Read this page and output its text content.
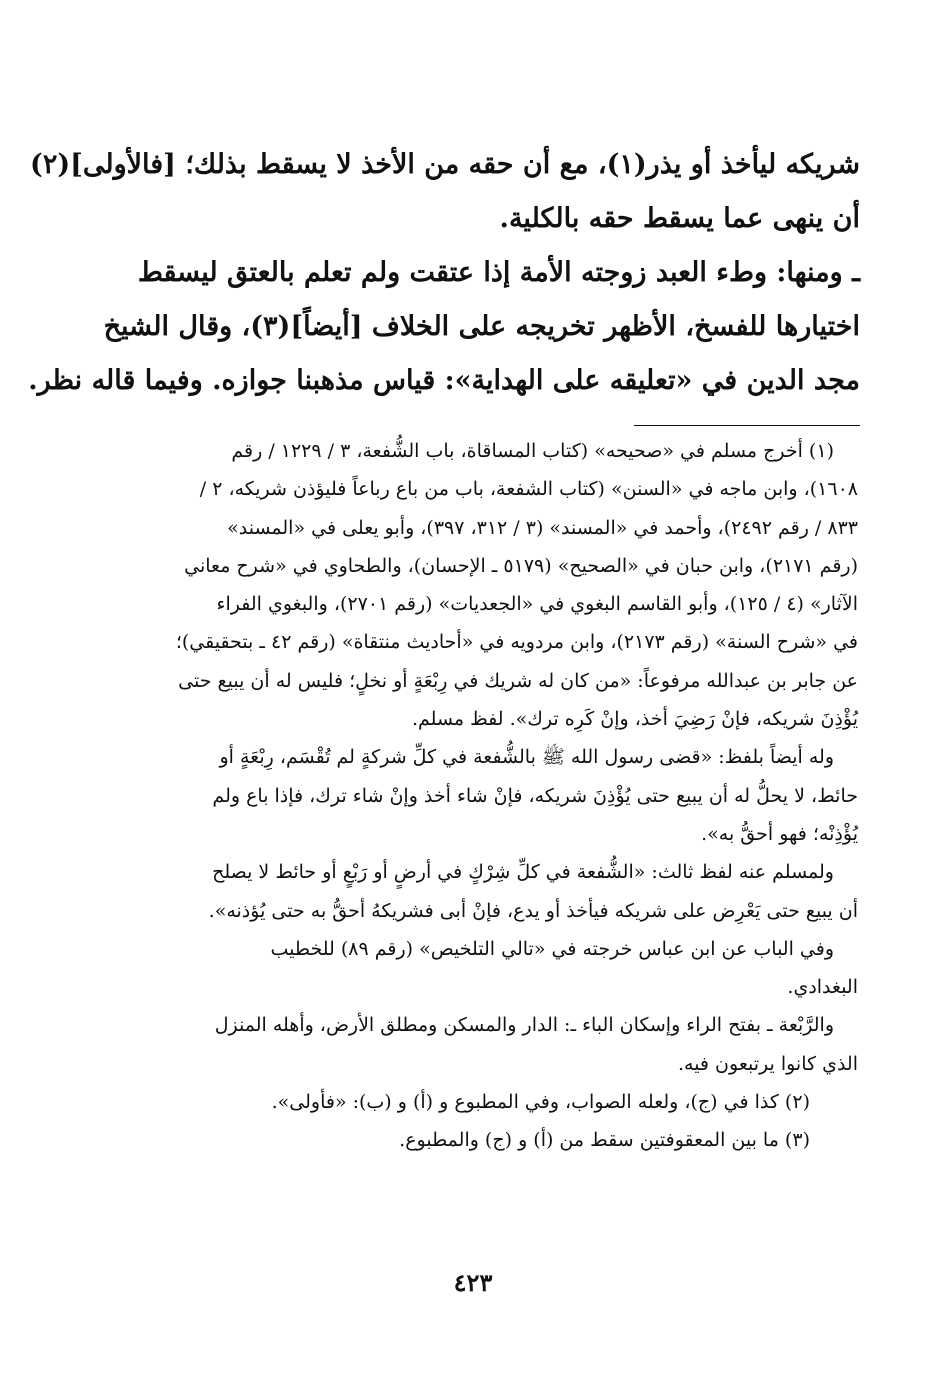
شريكه ليأخذ أو يذر(١)، مع أن حقه من الأخذ لا يسقط بذلك؛ [فالأولى](٢)
أن ينهى عما يسقط حقه بالكلية.
ـ ومنها: وطء العبد زوجته الأمة إذا عتقت ولم تعلم بالعتق ليسقط
اختيارها للفسخ، الأظهر تخريجه على الخلاف [أيضاً](٣)، وقال الشيخ
مجد الدين في «تعليقه على الهداية»: قياس مذهبنا جوازه. وفيما قاله نظر.
(١) أخرج مسلم في «صحيحه» (كتاب المساقاة، باب الشُّفعة، ٣ / ١٢٢٩ / رقم
١٦٠٨)، وابن ماجه في «السنن» (كتاب الشفعة، باب من باع رباعاً فليؤذن شريكه، ٢ /
٨٣٣ / رقم ٢٤٩٢)، وأحمد في «المسند» (٣ / ٣١٢، ٣٩٧)، وأبو يعلى في «المسند»
(رقم ٢١٧١)، وابن حبان في «الصحيح» (٥١٧٩ ـ الإحسان)، والطحاوي في «شرح معاني
الآثار» (٤ / ١٢٥)، وأبو القاسم البغوي في «الجعديات» (رقم ٢٧٠١)، والبغوي الفراء
في «شرح السنة» (رقم ٢١٧٣)، وابن مردويه في «أحاديث منتقاة» (رقم ٤٢ ـ بتحقيقي)؛
عن جابر بن عبدالله مرفوعاً: «من كان له شريك في رِبْعَةٍ أو نخلٍ؛ فليس له أن يبيع حتى
يُؤْذِنَ شريكه، فإنْ رَضِيَ أخذ، وإنْ كَرِه ترك». لفظ مسلم.
وله أيضاً بلفظ: «قضى رسول الله ﷺ بالشُّفعة في كلِّ شركةٍ لم تُقْسَم، رِبْعَةٍ أو
حائط، لا يحلُّ له أن يبيع حتى يُؤْذِنَ شريكه، فإنْ شاء أخذ وإنْ شاء ترك، فإذا باع ولم
يُؤْذِنْه؛ فهو أحقُّ به».
ولمسلم عنه لفظ ثالث: «الشُّفعة في كلِّ شِرْكٍ في أرضٍ أو رَبْعٍ أو حائط لا يصلح
أن يبيع حتى يَعْرِض على شريكه فيأخذ أو يدع، فإنْ أبى فشريكهُ أحقُّ به حتى يُؤذنه».
وفي الباب عن ابن عباس خرجته في «تالي التلخيص» (رقم ٨٩) للخطيب
البغدادي.
والرَّبْعة ـ بفتح الراء وإسكان الباء ـ: الدار والمسكن ومطلق الأرض، وأهله المنزل
الذي كانوا يرتبعون فيه.
(٢) كذا في (ج)، ولعله الصواب، وفي المطبوع و (أ) و (ب): «فأولى».
(٣) ما بين المعقوفتين سقط من (أ) و (ج) والمطبوع.
٤٢٣
